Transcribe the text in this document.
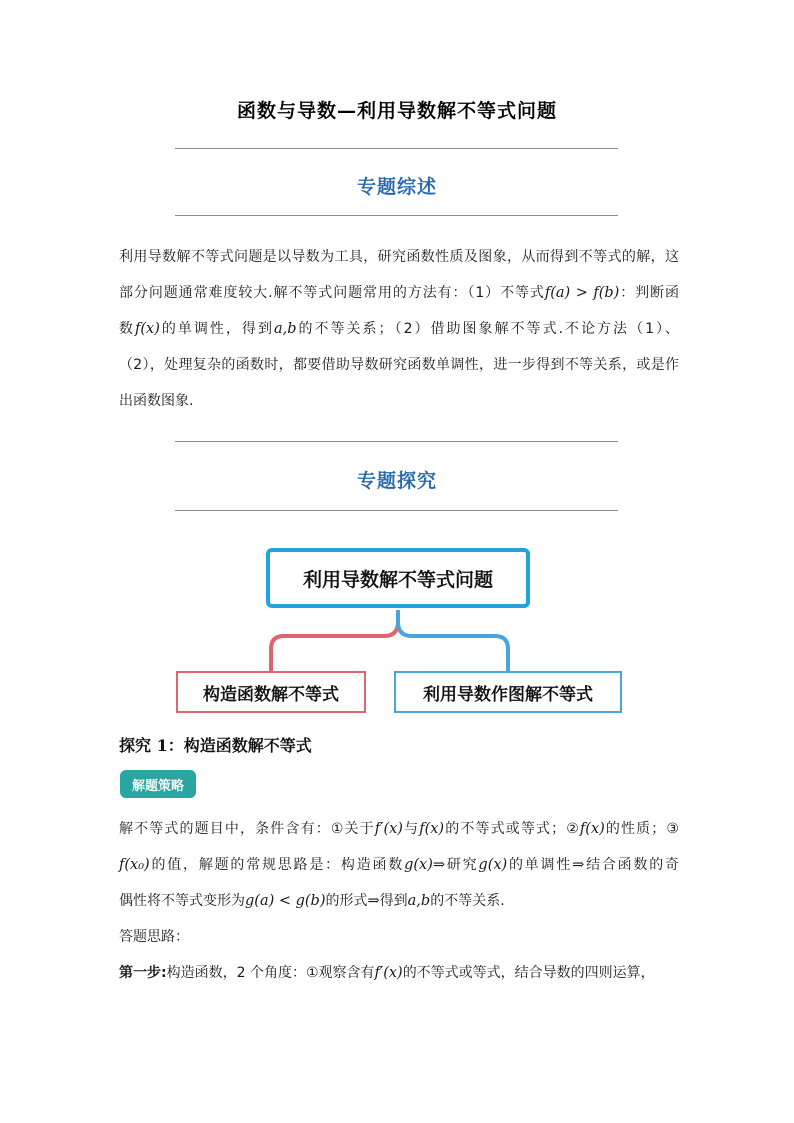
函数与导数—利用导数解不等式问题
专题综述
利用导数解不等式问题是以导数为工具，研究函数性质及图象，从而得到不等式的解，这
部分问题通常难度较大.解不等式问题常用的方法有：（1）不等式f(a) > f(b)：判断函
数f(x)的单调性，得到a,b的不等关系；（2）借助图象解不等式.不论方法（1）、
（2），处理复杂的函数时，都要借助导数研究函数单调性，进一步得到不等关系，或是作
出函数图象.
专题探究
利用导数解不等式问题
构造函数解不等式	利用导数作图解不等式
探究 1：构造函数解不等式
解题策略
解不等式的题目中，条件含有：①关于f′(x)与f(x)的不等式或等式；②f(x)的性质；③
f(x₀)的值，解题的常规思路是：构造函数g(x)⇒研究g(x)的单调性⇒结合函数的奇
偶性将不等式变形为g(a) < g(b)的形式⇒得到a,b的不等关系.
答题思路：
第一步:构造函数，2 个角度：①观察含有f′(x)的不等式或等式，结合导数的四则运算，
